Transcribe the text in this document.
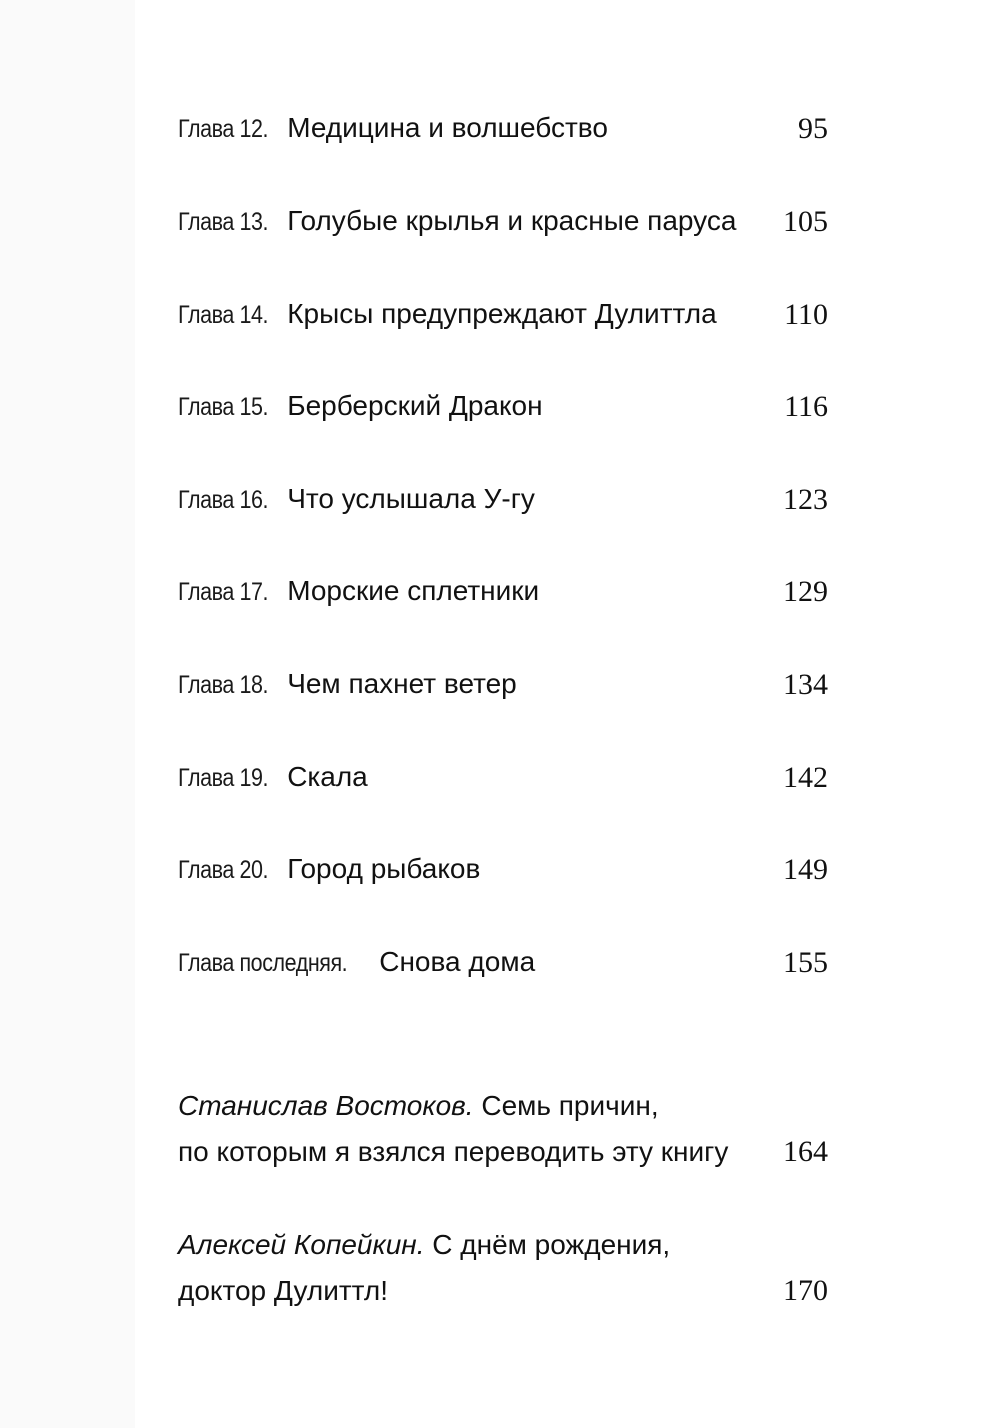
Глава 12. Медицина и волшебство	95
Глава 13. Голубые крылья и красные паруса 105
Глава 14. Крысы предупреждают Дулиттла 110
Глава 15. Берберский Дракон	116
Глава 16. Что услышала У-гу	123
Глава 17. Морские сплетники	129
Глава 18. Чем пахнет ветер	134
Глава 19. Скала	142
Глава 20. Город рыбаков	149
Глава последняя. Снова дома	155
Станислав Востоков. Семь причин,
по которым я взялся переводить эту книгу	164
Алексей Копейкин. С днём рождения,
доктор Дулиттл!	170
